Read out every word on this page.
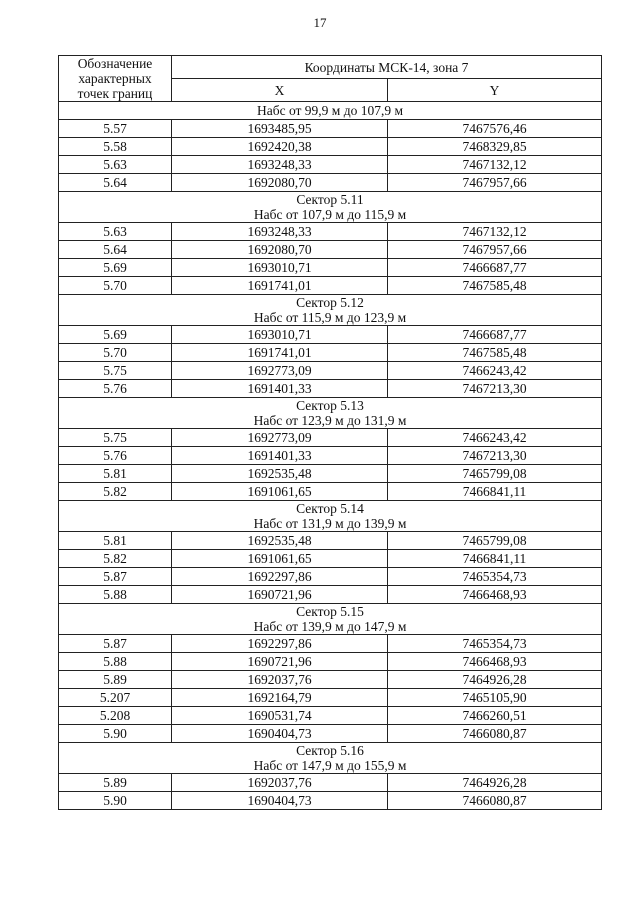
17
Обозначение характерных точек границ	Координаты МСК-14, зона 7	
	X	Y

Набс от 99,9 м до 107,9 м		

5.57	1693485,95	7467576,46
5.58	1692420,38	7468329,85
5.63	1693248,33	7467132,12
5.64	1692080,70	7467957,66

Сектор 5.11
Набс от 107,9 м до 115,9 м		

5.63	1693248,33	7467132,12
5.64	1692080,70	7467957,66
5.69	1693010,71	7466687,77
5.70	1691741,01	7467585,48

Сектор 5.12
Набс от 115,9 м до 123,9 м		

5.69	1693010,71	7466687,77
5.70	1691741,01	7467585,48
5.75	1692773,09	7466243,42
5.76	1691401,33	7467213,30

Сектор 5.13
Набс от 123,9 м до 131,9 м		

5.75	1692773,09	7466243,42
5.76	1691401,33	7467213,30
5.81	1692535,48	7465799,08
5.82	1691061,65	7466841,11

Сектор 5.14
Набс от 131,9 м до 139,9 м		

5.81	1692535,48	7465799,08
5.82	1691061,65	7466841,11
5.87	1692297,86	7465354,73
5.88	1690721,96	7466468,93

Сектор 5.15
Набс от 139,9 м до 147,9 м		

5.87	1692297,86	7465354,73
5.88	1690721,96	7466468,93
5.89	1692037,76	7464926,28
5.207	1692164,79	7465105,90
5.208	1690531,74	7466260,51
5.90	1690404,73	7466080,87

Сектор 5.16
Набс от 147,9 м до 155,9 м		

5.89	1692037,76	7464926,28
5.90	1690404,73	7466080,87
